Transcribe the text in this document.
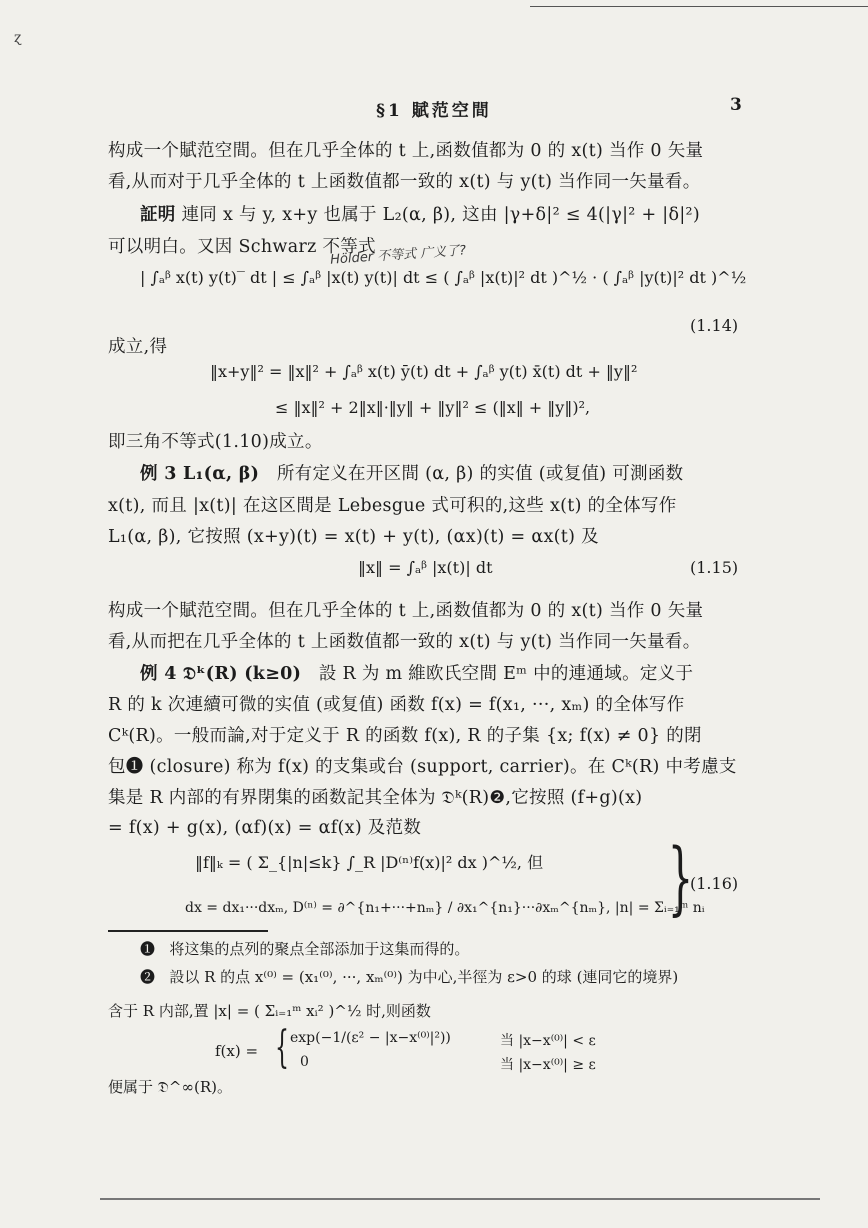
ɀ
§1 賦范空間	3
构成一个賦范空間。但在几乎全体的 t 上,函数值都为 0 的 x(t) 当作 0 矢量
看,从而对于几乎全体的 t 上函数值都一致的 x(t) 与 y(t) 当作同一矢量看。
証明 連同 x 与 y, x+y 也属于 L₂(α, β), 这由 |γ+δ|² ≤ 4(|γ|² + |δ|²)
可以明白。又因 Schwarz 不等式
Hölder 不等式 广义了?
| ∫ₐᵝ x(t) y(t)‾ dt | ≤ ∫ₐᵝ |x(t) y(t)| dt ≤ ( ∫ₐᵝ |x(t)|² dt )^½ · ( ∫ₐᵝ |y(t)|² dt )^½
(1.14)
成立,得
‖x+y‖² = ‖x‖² + ∫ₐᵝ x(t) ȳ(t) dt + ∫ₐᵝ y(t) x̄(t) dt + ‖y‖²
≤ ‖x‖² + 2‖x‖·‖y‖ + ‖y‖² ≤ (‖x‖ + ‖y‖)²,
即三角不等式(1.10)成立。
例 3 L₁(α, β) 所有定义在开区間 (α, β) 的实值 (或复值) 可測函数
x(t), 而且 |x(t)| 在这区間是 Lebesgue 式可积的,这些 x(t) 的全体写作
L₁(α, β), 它按照 (x+y)(t) = x(t) + y(t), (αx)(t) = αx(t) 及
‖x‖ = ∫ₐᵝ |x(t)| dt	(1.15)
构成一个賦范空間。但在几乎全体的 t 上,函数值都为 0 的 x(t) 当作 0 矢量
看,从而把在几乎全体的 t 上函数值都一致的 x(t) 与 y(t) 当作同一矢量看。
例 4 𝔇ᵏ(R) (k≥0) 設 R 为 m 維欧氏空間 Eᵐ 中的連通域。定义于
R 的 k 次連續可微的实值 (或复值) 函数 f(x) = f(x₁, ···, xₘ) 的全体写作
Cᵏ(R)。一般而論,对于定义于 R 的函数 f(x), R 的子集 {x; f(x) ≠ 0} 的閉
包❶ (closure) 称为 f(x) 的支集或台 (support, carrier)。在 Cᵏ(R) 中考慮支
集是 R 内部的有界閉集的函数記其全体为 𝔇ᵏ(R)❷,它按照 (f+g)(x)
= f(x) + g(x), (αf)(x) = αf(x) 及范数
‖f‖ₖ = ( Σ_{|n|≤k} ∫_R |D⁽ⁿ⁾f(x)|² dx )^½, 但
dx = dx₁···dxₘ, D⁽ⁿ⁾ = ∂^{n₁+···+nₘ} / ∂x₁^{n₁}···∂xₘ^{nₘ}, |n| = Σᵢ₌₁ᵐ nᵢ
}
(1.16)
❶ 将这集的点列的聚点全部添加于这集而得的。
❷ 設以 R 的点 x⁽⁰⁾ = (x₁⁽⁰⁾, ···, xₘ⁽⁰⁾) 为中心,半徑为 ε>0 的球 (連同它的境界)
含于 R 内部,置 |x| = ( Σᵢ₌₁ᵐ xᵢ² )^½ 时,则函数
f(x) = { exp(−1/(ε² − |x−x⁽⁰⁾|²))	当 |x−x⁽⁰⁾| < ε
0	当 |x−x⁽⁰⁾| ≥ ε
便属于 𝔇^∞(R)。
